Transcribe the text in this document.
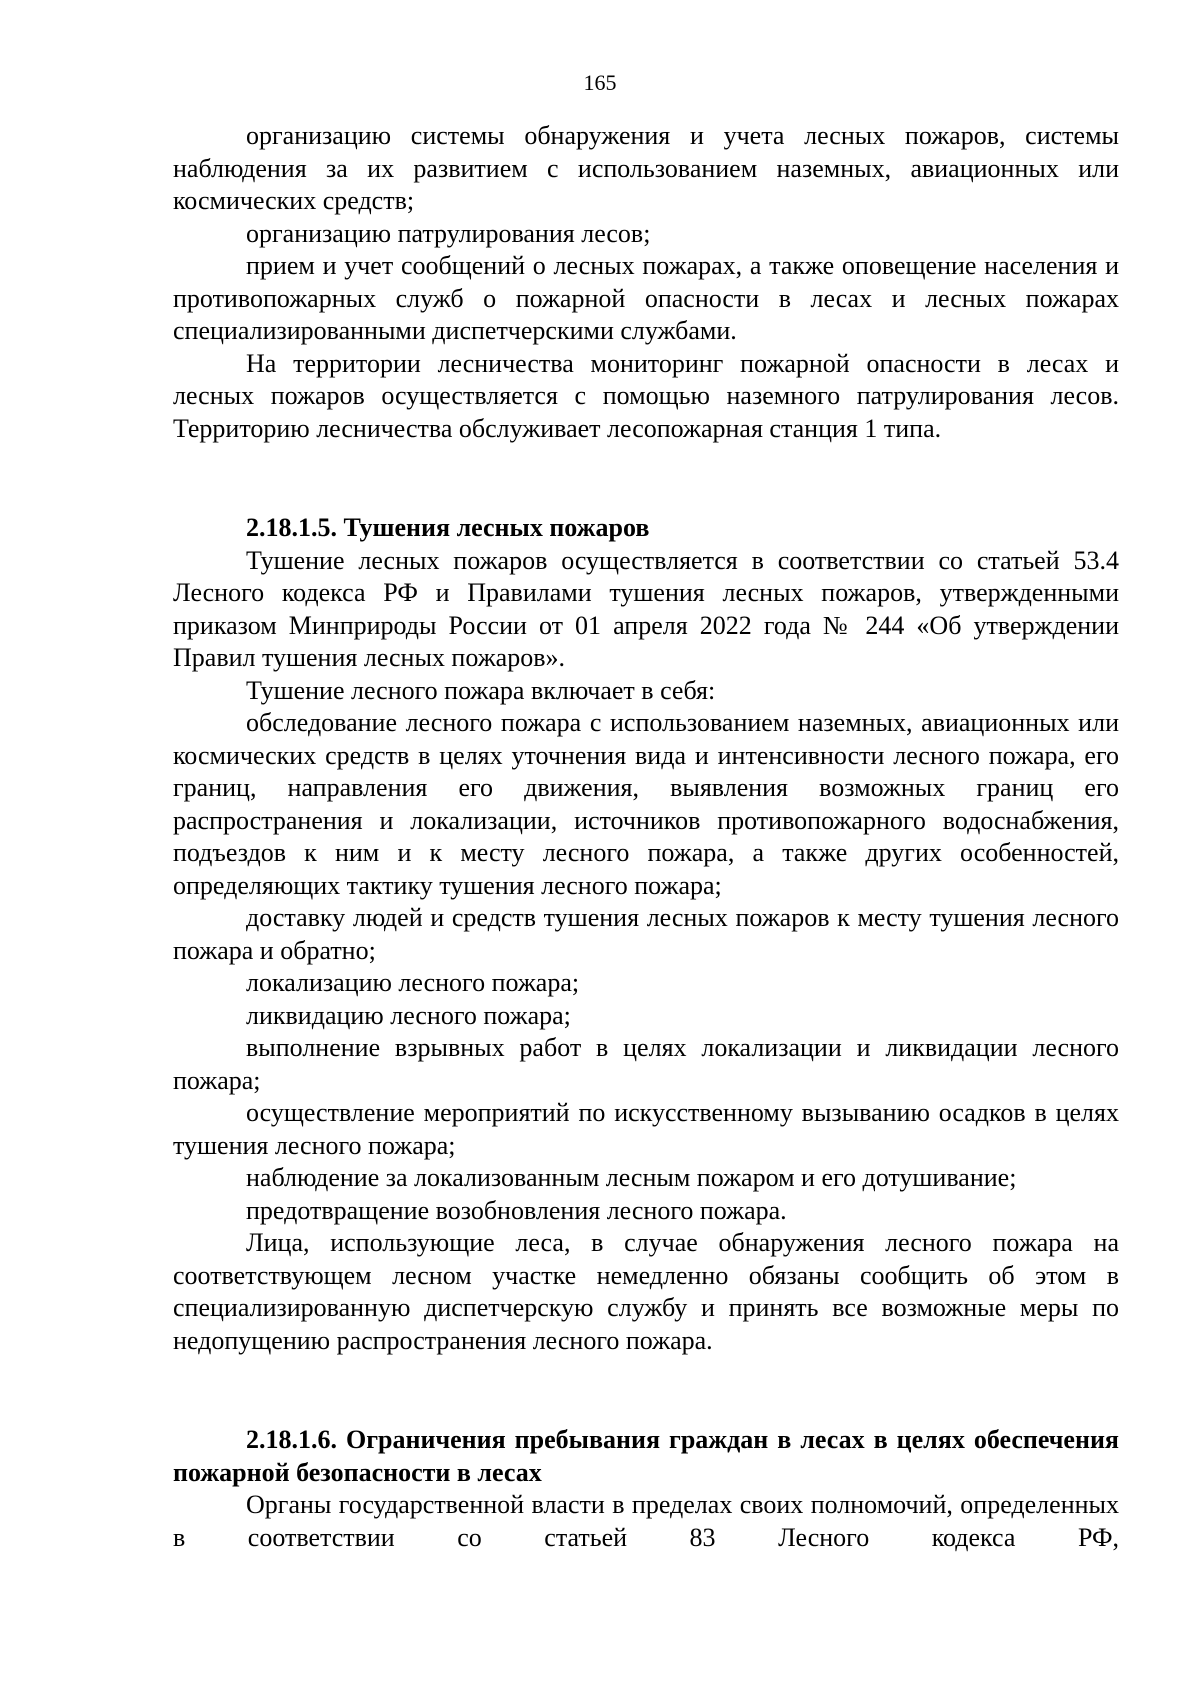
165

организацию системы обнаружения и учета лесных пожаров, системы наблюдения за их развитием с использованием наземных, авиационных или космических средств;

организацию патрулирования лесов;

прием и учет сообщений о лесных пожарах, а также оповещение населения и противопожарных служб о пожарной опасности в лесах и лесных пожарах специализированными диспетчерскими службами.

На территории лесничества мониторинг пожарной опасности в лесах и лесных пожаров осуществляется с помощью наземного патрулирования лесов. Территорию лесничества обслуживает лесопожарная станция 1 типа.

2.18.1.5. Тушения лесных пожаров

Тушение лесных пожаров осуществляется в соответствии со статьей 53.4 Лесного кодекса РФ и Правилами тушения лесных пожаров, утвержденными приказом Минприроды России от 01 апреля 2022 года № 244 «Об утверждении Правил тушения лесных пожаров».

Тушение лесного пожара включает в себя:

обследование лесного пожара с использованием наземных, авиационных или космических средств в целях уточнения вида и интенсивности лесного пожара, его границ, направления его движения, выявления возможных границ его распространения и локализации, источников противопожарного водоснабжения, подъездов к ним и к месту лесного пожара, а также других особенностей, определяющих тактику тушения лесного пожара;

доставку людей и средств тушения лесных пожаров к месту тушения лесного пожара и обратно;

локализацию лесного пожара;

ликвидацию лесного пожара;

выполнение взрывных работ в целях локализации и ликвидации лесного пожара;

осуществление мероприятий по искусственному вызыванию осадков в целях тушения лесного пожара;

наблюдение за локализованным лесным пожаром и его дотушивание;

предотвращение возобновления лесного пожара.

Лица, использующие леса, в случае обнаружения лесного пожара на соответствующем лесном участке немедленно обязаны сообщить об этом в специализированную диспетчерскую службу и принять все возможные меры по недопущению распространения лесного пожара.

2.18.1.6. Ограничения пребывания граждан в лесах в целях обеспечения пожарной безопасности в лесах

Органы государственной власти в пределах своих полномочий, определенных в соответствии со статьей 83 Лесного кодекса РФ,
